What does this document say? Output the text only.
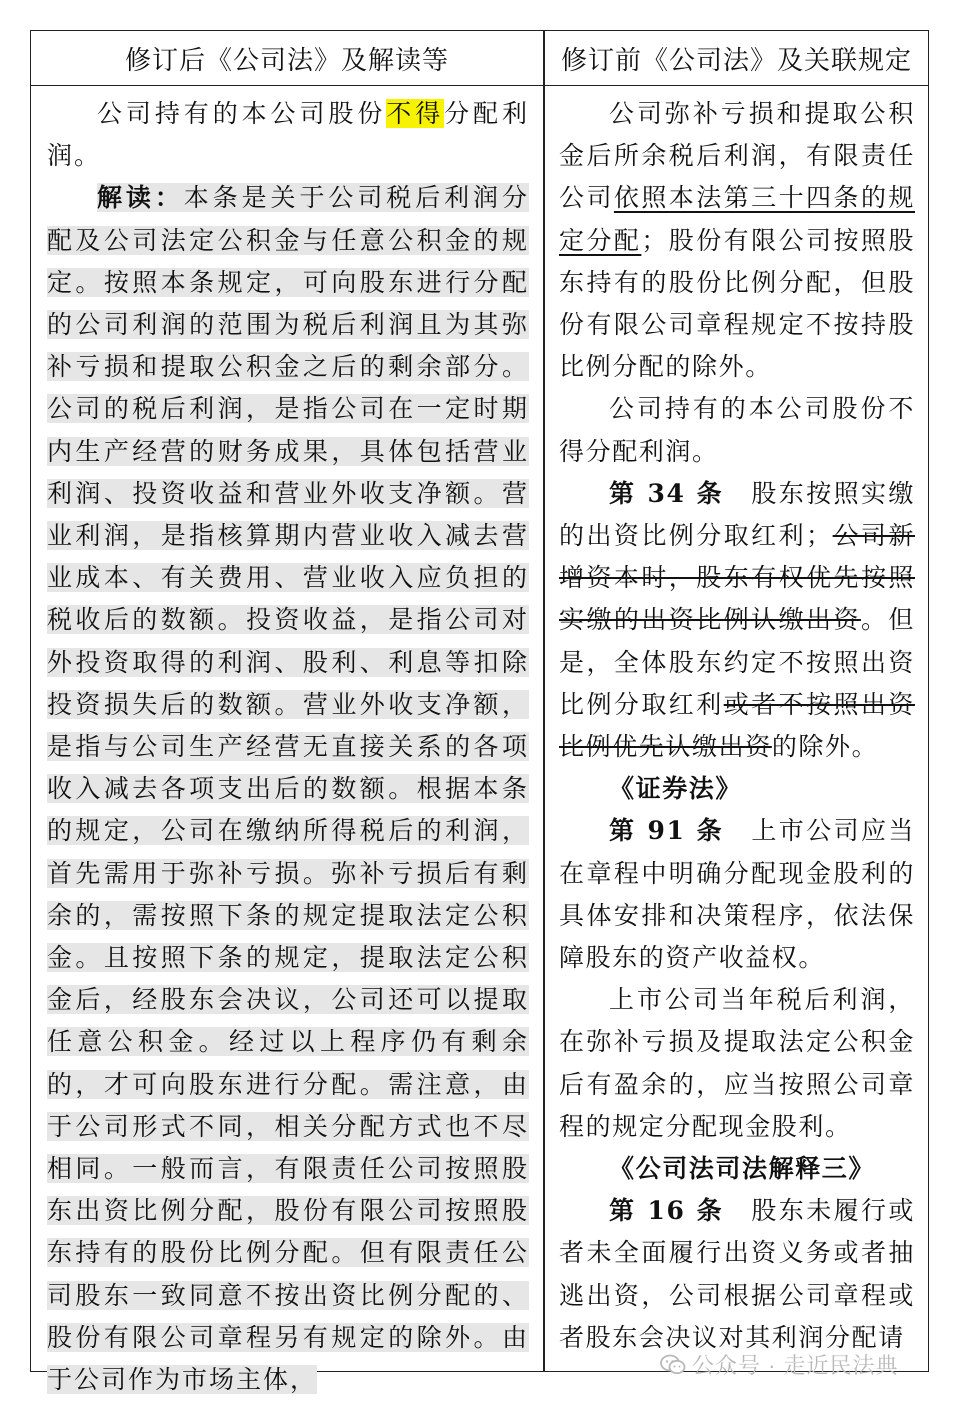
修订后《公司法》及解读等	修订前《公司法》及关联规定

公司持有的本公司股份不得分配利润。

解读：本条是关于公司税后利润分配及公司法定公积金与任意公积金的规定。按照本条规定，可向股东进行分配的公司利润的范围为税后利润且为其弥补亏损和提取公积金之后的剩余部分。公司的税后利润，是指公司在一定时期内生产经营的财务成果，具体包括营业利润、投资收益和营业外收支净额。营业利润，是指核算期内营业收入减去营业成本、有关费用、营业收入应负担的税收后的数额。投资收益，是指公司对外投资取得的利润、股利、利息等扣除投资损失后的数额。营业外收支净额，是指与公司生产经营无直接关系的各项收入减去各项支出后的数额。根据本条的规定，公司在缴纳所得税后的利润，首先需用于弥补亏损。弥补亏损后有剩余的，需按照下条的规定提取法定公积金。且按照下条的规定，提取法定公积金后，经股东会决议，公司还可以提取任意公积金。经过以上程序仍有剩余的，才可向股东进行分配。需注意，由于公司形式不同，相关分配方式也不尽相同。一般而言，有限责任公司按照股东出资比例分配，股份有限公司按照股东持有的股份比例分配。但有限责任公司股东一致同意不按出资比例分配的、股份有限公司章程另有规定的除外。由于公司作为市场主体，

公司弥补亏损和提取公积金后所余税后利润，有限责任公司依照本法第三十四条的规定分配；股份有限公司按照股东持有的股份比例分配，但股份有限公司章程规定不按持股比例分配的除外。

公司持有的本公司股份不得分配利润。

第 34 条  股东按照实缴的出资比例分取红利；公司新增资本时，股东有权优先按照实缴的出资比例认缴出资。但是，全体股东约定不按照出资比例分取红利或者不按照出资比例优先认缴出资的除外。

《证券法》

第 91 条  上市公司应当在章程中明确分配现金股利的具体安排和决策程序，依法保障股东的资产收益权。

上市公司当年税后利润，在弥补亏损及提取法定公积金后有盈余的，应当按照公司章程的规定分配现金股利。

《公司法司法解释三》

第 16 条  股东未履行或者未全面履行出资义务或者抽逃出资，公司根据公司章程或者股东会决议对其利润分配请

公众号 · 走近民法典
